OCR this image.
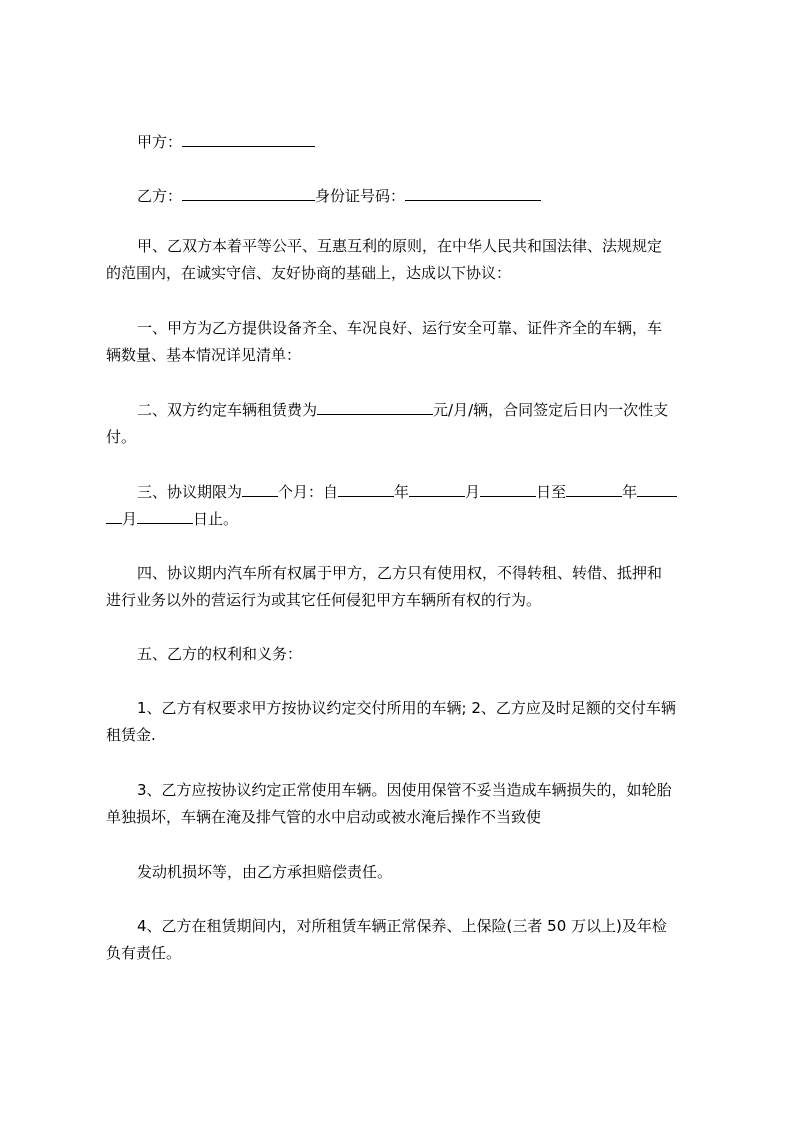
甲方：

乙方：	身份证号码：

甲、乙双方本着平等公平、互惠互利的原则，在中华人民共和国法律、法规规定

的范围内，在诚实守信、友好协商的基础上，达成以下协议：

一、甲方为乙方提供设备齐全、车况良好、运行安全可靠、证件齐全的车辆，车

辆数量、基本情况详见清单：

二、双方约定车辆租赁费为	元/月/辆，合同签定后日内一次性支

付。

三、协议期限为 个月：自	年	月	日至	年

月	日止。

四、协议期内汽车所有权属于甲方，乙方只有使用权，不得转租、转借、抵押和

进行业务以外的营运行为或其它任何侵犯甲方车辆所有权的行为。

五、乙方的权利和义务：

1、乙方有权要求甲方按协议约定交付所用的车辆; 2、乙方应及时足额的交付车辆

租赁金.

3、乙方应按协议约定正常使用车辆。因使用保管不妥当造成车辆损失的，如轮胎

单独损坏，车辆在淹及排气管的水中启动或被水淹后操作不当致使

发动机损坏等，由乙方承担赔偿责任。

4、乙方在租赁期间内，对所租赁车辆正常保养、上保险(三者 50 万以上)及年检

负有责任。
